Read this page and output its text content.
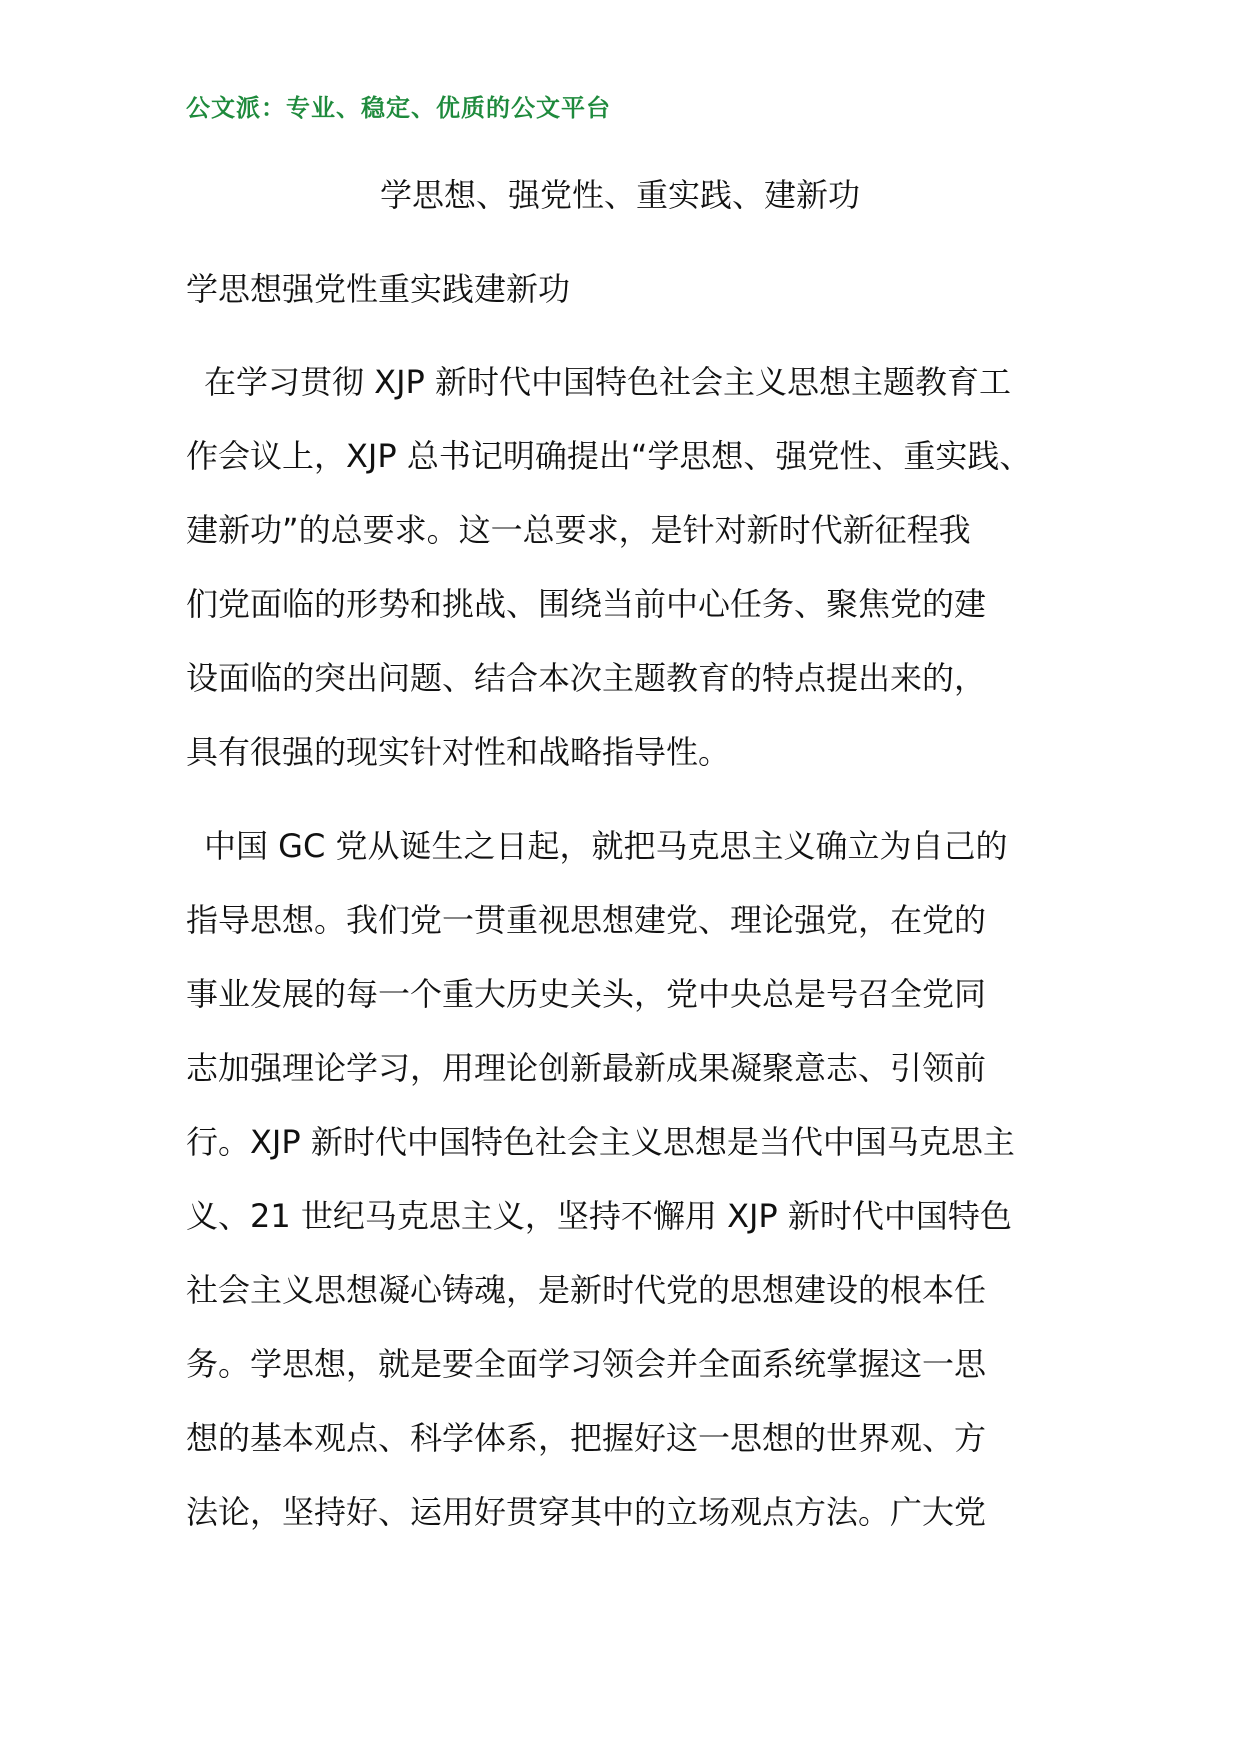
公文派：专业、稳定、优质的公文平台
学思想、强党性、重实践、建新功
学思想强党性重实践建新功
在学习贯彻 XJP 新时代中国特色社会主义思想主题教育工
作会议上，XJP 总书记明确提出“学思想、强党性、重实践、
建新功”的总要求。这一总要求，是针对新时代新征程我
们党面临的形势和挑战、围绕当前中心任务、聚焦党的建
设面临的突出问题、结合本次主题教育的特点提出来的，
具有很强的现实针对性和战略指导性。
中国 GC 党从诞生之日起，就把马克思主义确立为自己的
指导思想。我们党一贯重视思想建党、理论强党，在党的
事业发展的每一个重大历史关头，党中央总是号召全党同
志加强理论学习，用理论创新最新成果凝聚意志、引领前
行。XJP 新时代中国特色社会主义思想是当代中国马克思主
义、21 世纪马克思主义，坚持不懈用 XJP 新时代中国特色
社会主义思想凝心铸魂，是新时代党的思想建设的根本任
务。学思想，就是要全面学习领会并全面系统掌握这一思
想的基本观点、科学体系，把握好这一思想的世界观、方
法论，坚持好、运用好贯穿其中的立场观点方法。广大党
